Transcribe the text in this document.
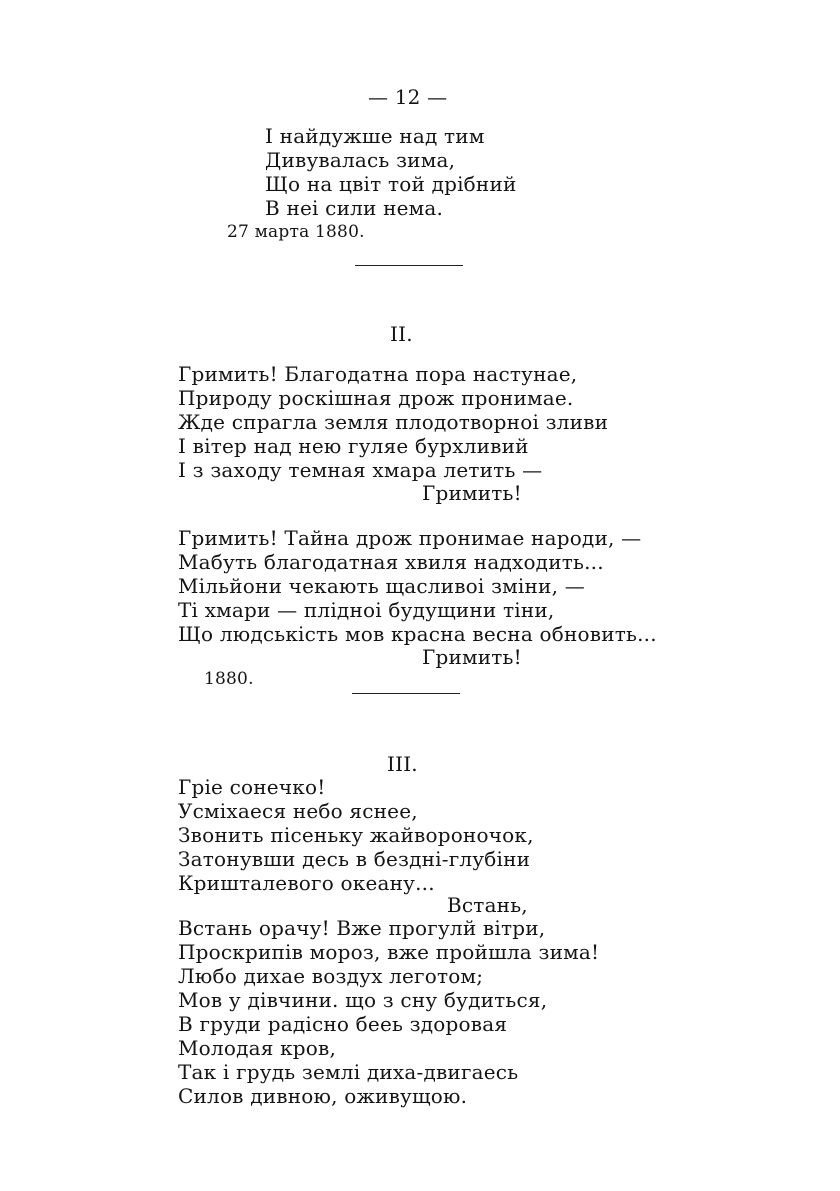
— 12 —
І найдужше над тим
Дивувалась зима,
Що на цвіт той дрібний
В неі сили нема.
27 марта 1880.
II.
Гримить! Благодатна пора настунае,
Природу роскішная дрож пронимае.
Жде спрагла земля плодотворноі зливи
І вітер над нею гуляе бурхливий
І з заходу темная хмара летить —
Гримить!
Гримить! Тайна дрож пронимае народи, —
Мабуть благодатная хвиля надходить...
Мільйони чекають щасливоі зміни, —
Ті хмари — плідноі будущини тіни,
Що людськість мов красна весна обновить...
Гримить!
1880.
III.
Гріе сонечко!
Усміхаеся небо яснее,
Звонить пісеньку жайвороночок,
Затонувши десь в безднi-глубіни
Кришталевого океану...
Встань,
Встань орачу! Вже прогулй вітри,
Проскрипів мороз, вже пройшла зима!
Любо дихае воздух леготом;
Мов у дівчини. що з сну будиться,
В груди радісно бееь здоровая
Молодая кров,
Так і грудь землі диха-двигаеcь
Силов дивною, оживущою.
